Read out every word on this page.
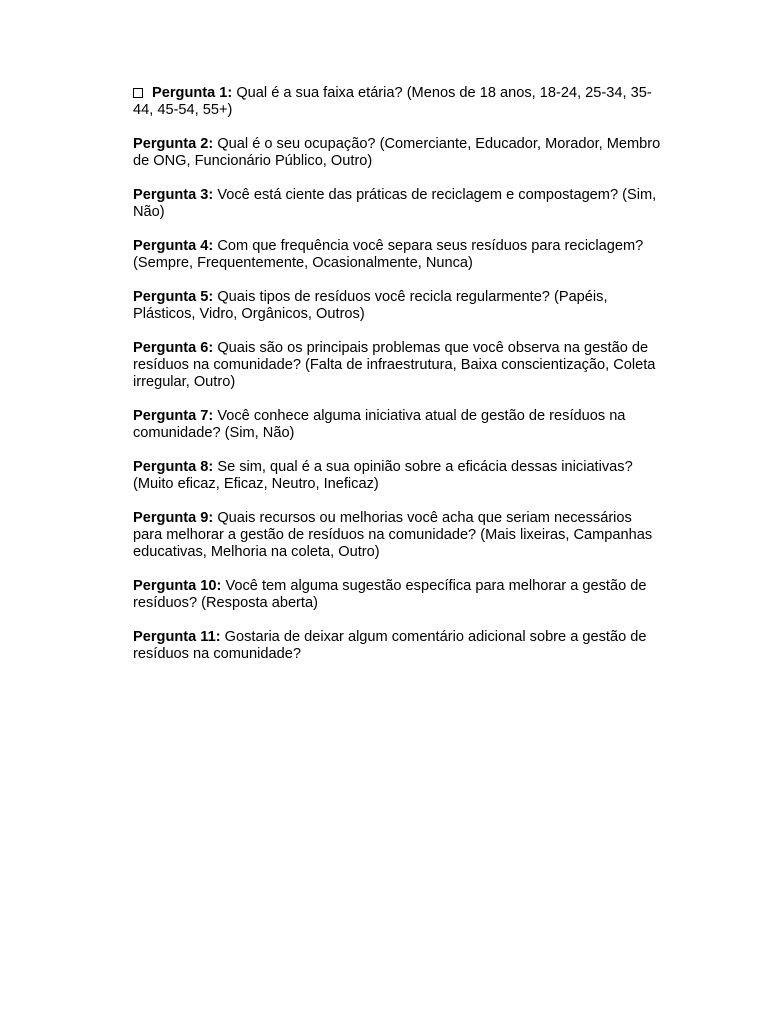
Pergunta 1: Qual é a sua faixa etária? (Menos de 18 anos, 18-24, 25-34, 35-44, 45-54, 55+)

Pergunta 2: Qual é o seu ocupação? (Comerciante, Educador, Morador, Membro de ONG, Funcionário Público, Outro)

Pergunta 3: Você está ciente das práticas de reciclagem e compostagem? (Sim, Não)

Pergunta 4: Com que frequência você separa seus resíduos para reciclagem? (Sempre, Frequentemente, Ocasionalmente, Nunca)

Pergunta 5: Quais tipos de resíduos você recicla regularmente? (Papéis, Plásticos, Vidro, Orgânicos, Outros)

Pergunta 6: Quais são os principais problemas que você observa na gestão de resíduos na comunidade? (Falta de infraestrutura, Baixa conscientização, Coleta irregular, Outro)

Pergunta 7: Você conhece alguma iniciativa atual de gestão de resíduos na comunidade? (Sim, Não)

Pergunta 8: Se sim, qual é a sua opinião sobre a eficácia dessas iniciativas? (Muito eficaz, Eficaz, Neutro, Ineficaz)

Pergunta 9: Quais recursos ou melhorias você acha que seriam necessários para melhorar a gestão de resíduos na comunidade? (Mais lixeiras, Campanhas educativas, Melhoria na coleta, Outro)

Pergunta 10: Você tem alguma sugestão específica para melhorar a gestão de resíduos? (Resposta aberta)

Pergunta 11: Gostaria de deixar algum comentário adicional sobre a gestão de resíduos na comunidade?
